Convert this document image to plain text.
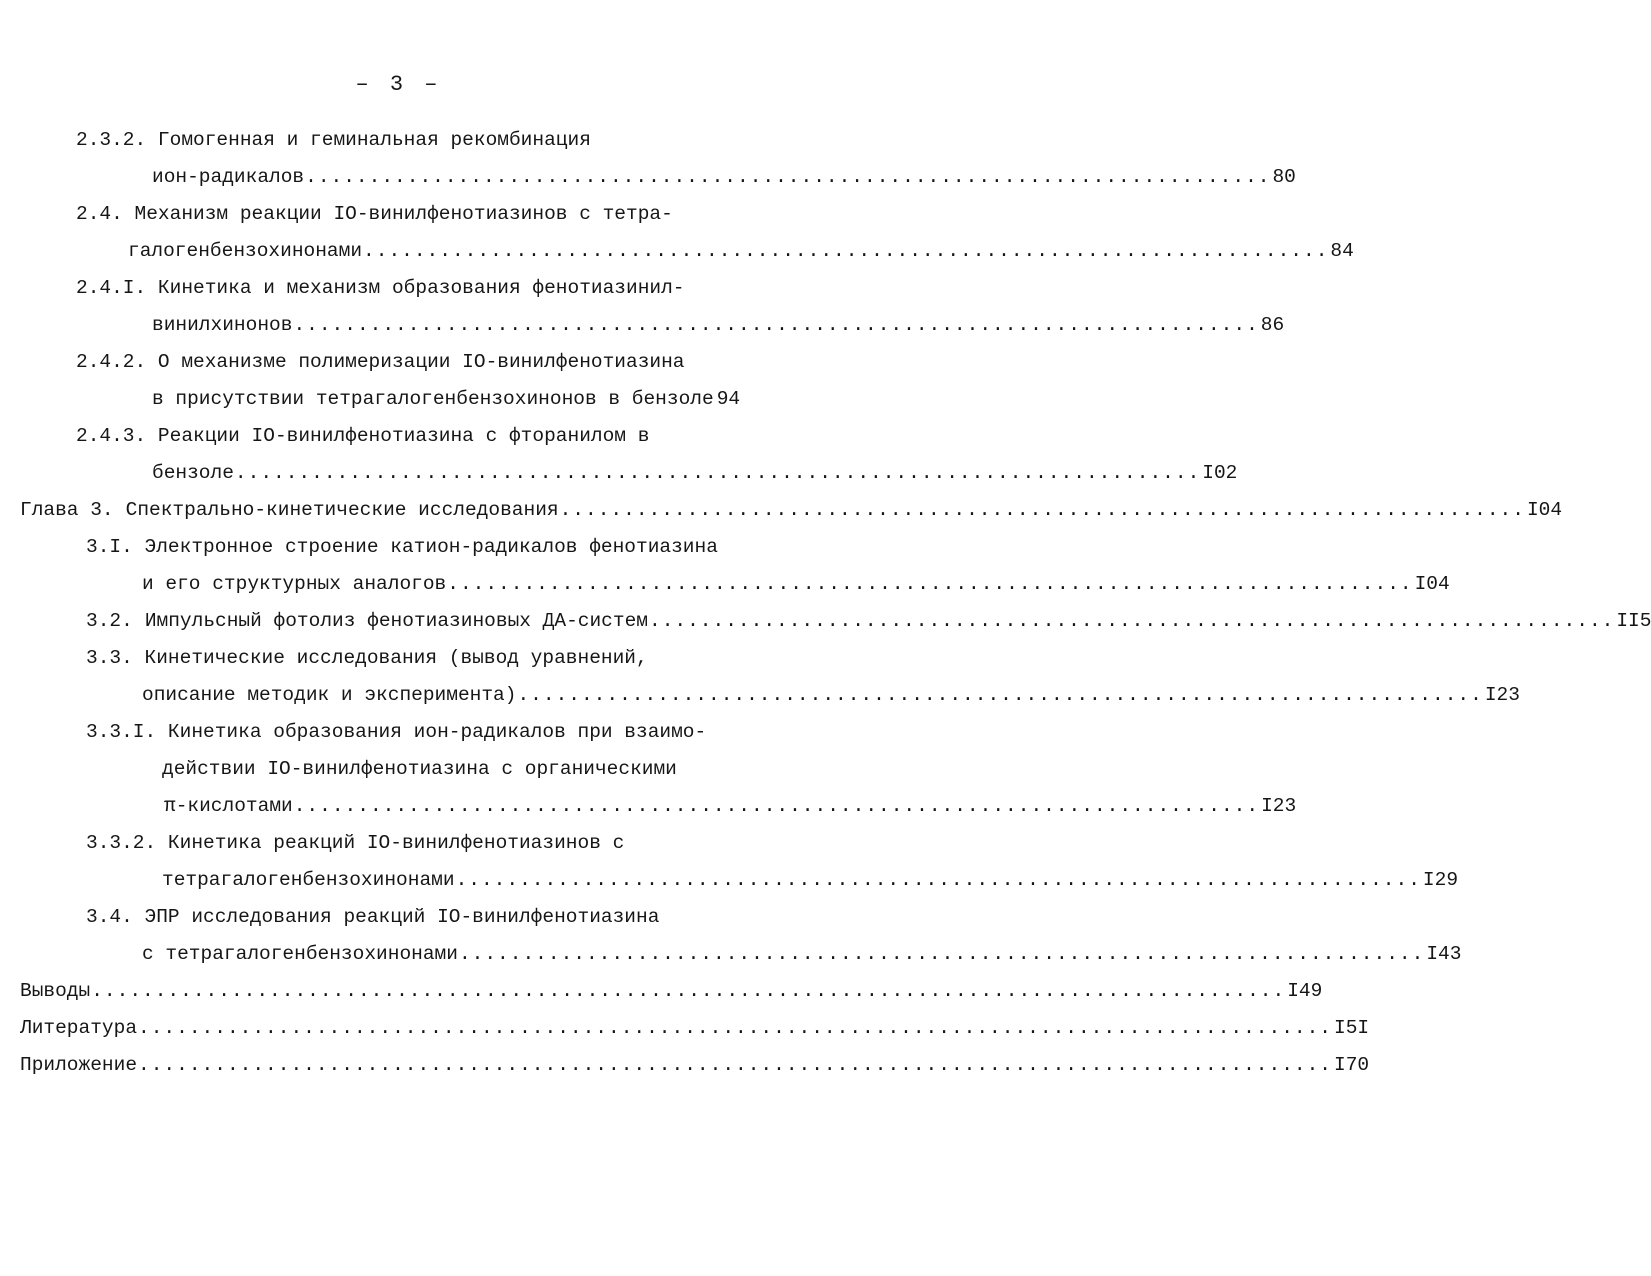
– 3 –
2.3.2. Гомогенная и геминальная рекомбинация
ион-радикалов ............................................................................ 80
2.4. Механизм реакции IO-винилфенотиазинов с тетра-
галогенбензохинонами ............................................................................ 84
2.4.I. Кинетика и механизм образования фенотиазинил-
винилхинонов ............................................................................ 86
2.4.2. О механизме полимеризации IO-винилфенотиазина
в присутствии тетрагалогенбензохинонов в бензоле 94
2.4.3. Реакции IO-винилфенотиазина с фторанилом в
бензоле ............................................................................ I02
Глава 3. Спектрально-кинетические исследования ............................................................................ I04
3.I. Электронное строение катион-радикалов фенотиазина
и его структурных аналогов ............................................................................ I04
3.2. Импульсный фотолиз фенотиазиновых ДА-систем ............................................................................ II5
3.3. Кинетические исследования (вывод уравнений,
описание методик и эксперимента) ............................................................................ I23
3.3.I. Кинетика образования ион-радикалов при взаимо-
действии IO-винилфенотиазина с органическими
π-кислотами ............................................................................ I23
3.3.2. Кинетика реакций IO-винилфенотиазинов с
тетрагалогенбензохинонами ............................................................................ I29
3.4. ЭПР исследования реакций IO-винилфенотиазина
с тетрагалогенбензохинонами ............................................................................ I43
Выводы .............................................................................................. I49
Литература .............................................................................................. I5I
Приложение .............................................................................................. I70
